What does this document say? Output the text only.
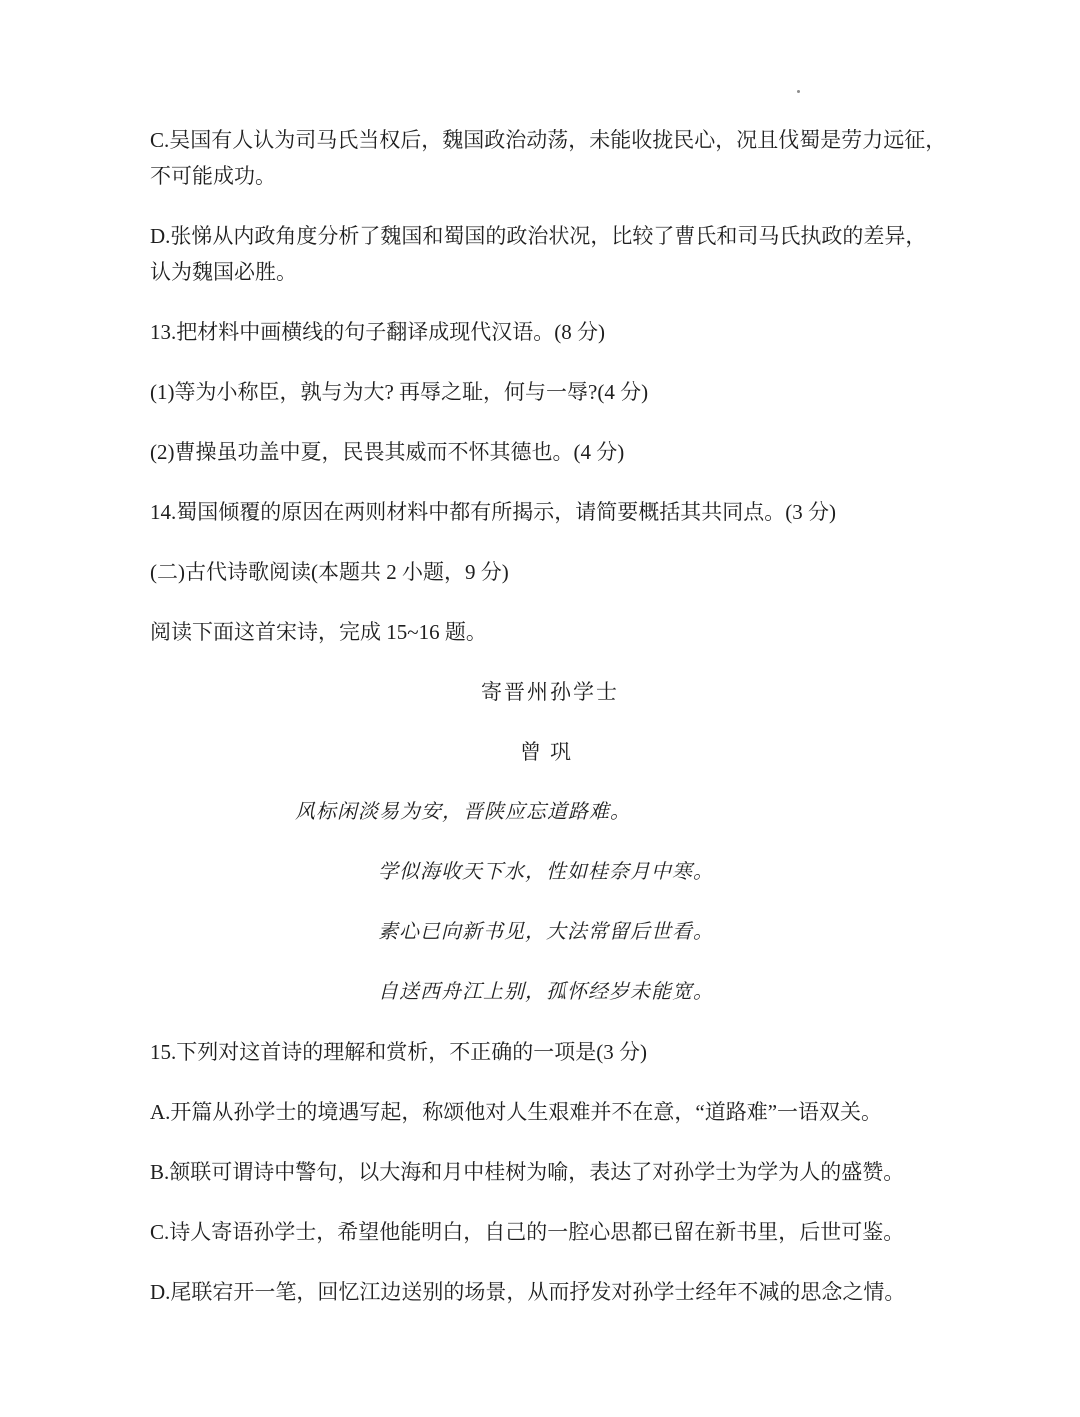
C.吴国有人认为司马氏当权后，魏国政治动荡，未能收拢民心，况且伐蜀是劳力远征，
不可能成功。
D.张悌从内政角度分析了魏国和蜀国的政治状况，比较了曹氏和司马氏执政的差异，
认为魏国必胜。
13.把材料中画横线的句子翻译成现代汉语。(8 分)
(1)等为小称臣，孰与为大? 再辱之耻，何与一辱?(4 分)
(2)曹操虽功盖中夏，民畏其威而不怀其德也。(4 分)
14.蜀国倾覆的原因在两则材料中都有所揭示，请简要概括其共同点。(3 分)
(二)古代诗歌阅读(本题共 2 小题，9 分)
阅读下面这首宋诗，完成 15~16 题。
寄晋州孙学士
曾巩
风标闲淡易为安，晋陕应忘道路难。
学似海收天下水，性如桂奈月中寒。
素心已向新书见，大法常留后世看。
自送西舟江上别，孤怀经岁未能宽。
15.下列对这首诗的理解和赏析，不正确的一项是(3 分)
A.开篇从孙学士的境遇写起，称颂他对人生艰难并不在意，“道路难”一语双关。
B.颔联可谓诗中警句，以大海和月中桂树为喻，表达了对孙学士为学为人的盛赞。
C.诗人寄语孙学士，希望他能明白，自己的一腔心思都已留在新书里，后世可鉴。
D.尾联宕开一笔，回忆江边送别的场景，从而抒发对孙学士经年不减的思念之情。
